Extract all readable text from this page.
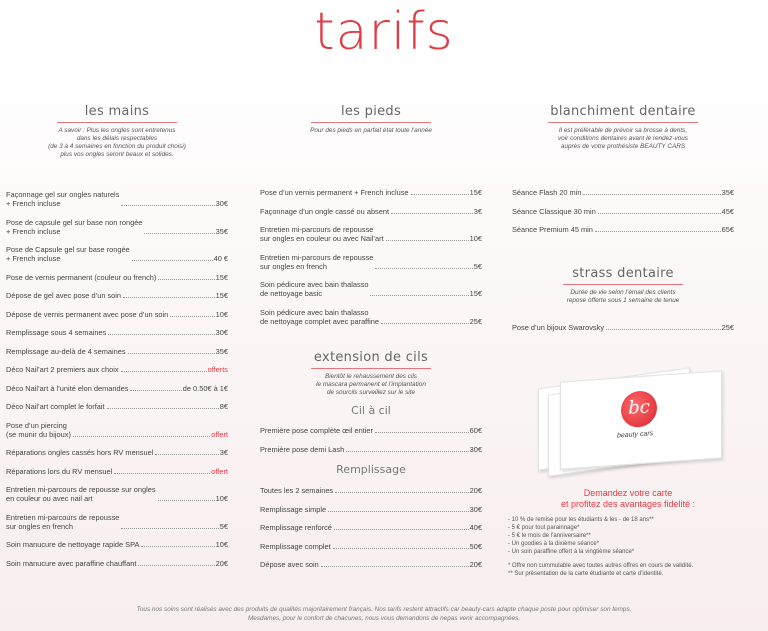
tarifs
les mains
A savoir : Plus les ongles sont entretenus
dans les délais respectables
(de 3 à 4 semaines en fonction du produit choisi)
plus vos ongles seront beaux et solides.
Façonnage gel sur ongles naturels
+ French incluse	30€
Pose de capsule gel sur base non rongée
+ French incluse	35€
Pose de Capsule gel sur base rongée
+ French incluse	40 €
Pose de vernis permanent (couleur ou french)	15€
Dépose de gel avec pose d’un soin	15€
Dépose de vernis permanent avec pose d’un soin	10€
Remplissage sous 4 semaines	30€
Remplissage au-delà de 4 semaines	35€
Déco Nail’art 2 premiers aux choix	offerts
Déco Nail’art à l’unité elon demandes	de 0.50€ à 1€
Déco Nail’art complet le forfait	8€
Pose d’un piercing
(se munir du bijoux)	offert
Réparations ongles cassés hors RV mensuel	3€
Réparations lors du RV mensuel	offert
Entretien mi-parcours de repousse sur ongles
en couleur ou avec nail art	10€
Entretien mi-parcours de repousse
sur ongles en french	5€
Soin manucure de nettoyage rapide SPA	10€
Soin manucure avec paraffine chauffant	20€
les pieds
Pour des pieds en parfait état toute l’année
Pose d’un vernis permanent + French incluse	15€
Façonnage d’un ongle cassé ou absent	3€
Entretien mi-parcours de repousse
sur ongles en couleur ou avec Nail’art	10€
Entretien mi-parcours de repousse
sur ongles en french	5€
Soin pédicure avec bain thalasso
de nettoyage basic	15€
Soin pédicure avec bain thalasso
de nettoyage complet avec paraffine	25€
extension de cils
Bientôt le rehaussement des cils
le mascara permanent et l’implantation
de sourcils surveillez sur le site
Cil à cil
Première pose complète œil entier	60€
Première pose demi Lash	30€
Remplissage
Toutes les 2 semaines	20€
Remplissage simple	30€
Remplissage renforcé	40€
Remplissage complet	50€
Dépose avec soin	20€
blanchiment dentaire
Il est préférable de prévoir sa brosse à dents,
voir conditions dentaires avant le rendez-vous
auprès de votre prothésiste BEAUTY CARS
Séance Flash 20 min	35€
Séance Classique 30 min	45€
Séance Premium 45 min	65€
strass dentaire
Durée de vie selon l’émail des clients
repose offerte sous 1 semaine de tenue
Pose d’un bijoux Swarovsky	25€
bc
beauty cars
Demandez votre carte
et profitez des avantages fidelité :
- 10 % de remise pour les étudiants & les - de 18 ans**
- 5 € pour tout parainnage*
- 5 € le mois de l’anniversaire**
- Un goodies à la dixième séance*
- Un soin paraffine offert à la vingtième séance*
* Offre non cummulable avec toutes autres offres en cours de validité.
** Sur présentation de la carte étudiante et carte d’identité.
Tous nos soins sont réalisés avec des produits de qualités majoritairement français. Nos tarifs restent attractifs car beauty-cars adapte chaque poste pour optimiser son temps.
Mesdames, pour le confort de chacunes, nous vous demandons de nepas venir accompagnées.
